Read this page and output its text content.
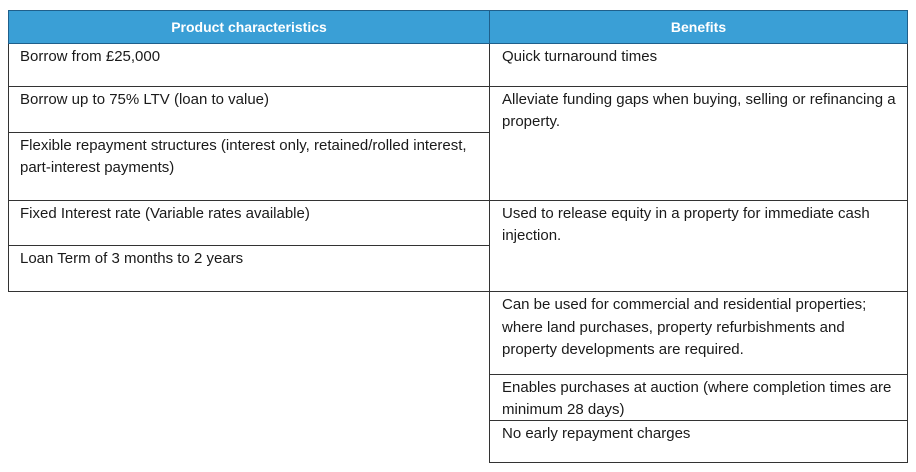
Product characteristics	Benefits
Borrow from £25,000
Borrow up to 75% LTV (loan to value)
Flexible repayment structures (interest only, retained/rolled interest, part-interest payments)
Fixed Interest rate (Variable rates available)
Loan Term of 3 months to 2 years
Quick turnaround times
Alleviate funding gaps when buying, selling or refinancing a property.
Used to release equity in a property for immediate cash injection.
Can be used for commercial and residential properties; where land purchases, property refurbishments and property developments are required.
Enables purchases at auction (where completion times are minimum 28 days)
No early repayment charges
